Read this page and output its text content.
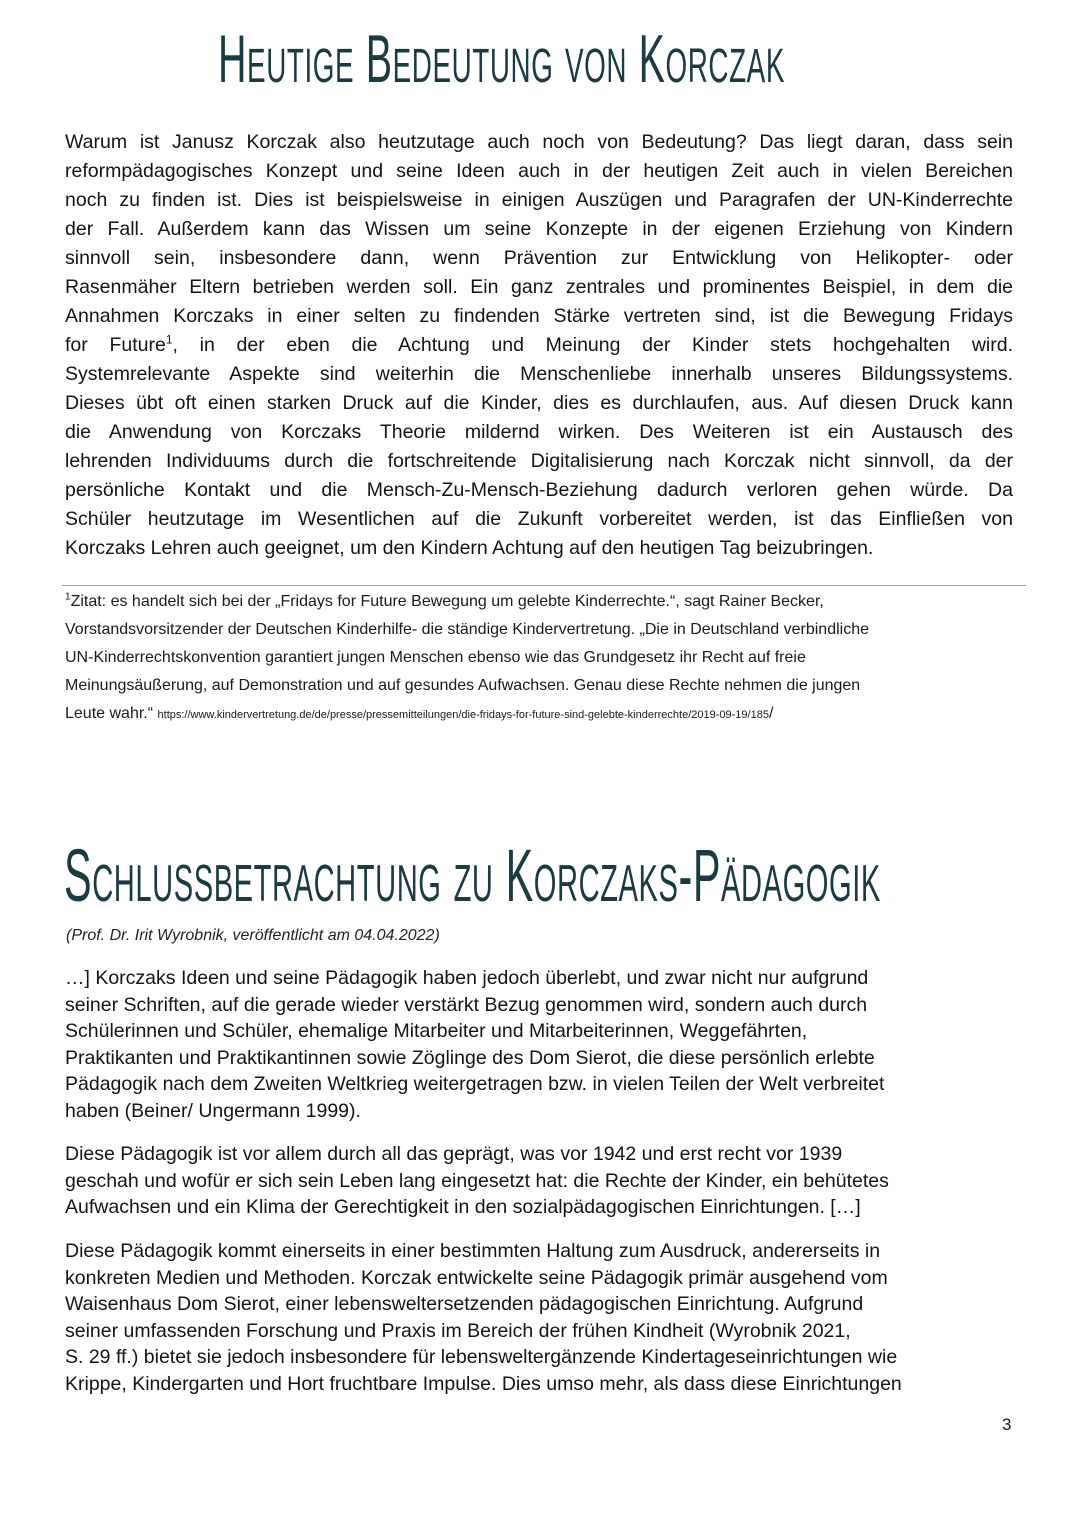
Heutige Bedeutung von Korczak
Warum ist Janusz Korczak also heutzutage auch noch von Bedeutung? Das liegt daran, dass sein
reformpädagogisches Konzept und seine Ideen auch in der heutigen Zeit auch in vielen Bereichen
noch zu finden ist. Dies ist beispielsweise in einigen Auszügen und Paragrafen der UN-Kinderrechte
der Fall. Außerdem kann das Wissen um seine Konzepte in der eigenen Erziehung von Kindern
sinnvoll sein, insbesondere dann, wenn Prävention zur Entwicklung von Helikopter- oder
Rasenmäher Eltern betrieben werden soll. Ein ganz zentrales und prominentes Beispiel, in dem die
Annahmen Korczaks in einer selten zu findenden Stärke vertreten sind, ist die Bewegung Fridays
for Future$^1$, in der eben die Achtung und Meinung der Kinder stets hochgehalten wird.
Systemrelevante Aspekte sind weiterhin die Menschenliebe innerhalb unseres Bildungssystems.
Dieses übt oft einen starken Druck auf die Kinder, dies es durchlaufen, aus. Auf diesen Druck kann
die Anwendung von Korczaks Theorie mildernd wirken. Des Weiteren ist ein Austausch des
lehrenden Individuums durch die fortschreitende Digitalisierung nach Korczak nicht sinnvoll, da der
persönliche Kontakt und die Mensch-Zu-Mensch-Beziehung dadurch verloren gehen würde. Da
Schüler heutzutage im Wesentlichen auf die Zukunft vorbereitet werden, ist das Einfließen von
Korczaks Lehren auch geeignet, um den Kindern Achtung auf den heutigen Tag beizubringen.
$^1$Zitat: es handelt sich bei der „Fridays for Future Bewegung um gelebte Kinderrechte.“, sagt Rainer Becker,
Vorstandsvorsitzender der Deutschen Kinderhilfe- die ständige Kindervertretung. „Die in Deutschland verbindliche
UN-Kinderrechtskonvention garantiert jungen Menschen ebenso wie das Grundgesetz ihr Recht auf freie
Meinungsäußerung, auf Demonstration und auf gesundes Aufwachsen. Genau diese Rechte nehmen die jungen
Leute wahr.“ https://www.kindervertretung.de/de/presse/pressemitteilungen/die-fridays-for-future-sind-gelebte-kinderrechte/2019-09-19/185/
Schlussbetrachtung zu Korczaks-Pädagogik
(Prof. Dr. Irit Wyrobnik, veröffentlicht am 04.04.2022)
…] Korczaks Ideen und seine Pädagogik haben jedoch überlebt, und zwar nicht nur aufgrund
seiner Schriften, auf die gerade wieder verstärkt Bezug genommen wird, sondern auch durch
Schülerinnen und Schüler, ehemalige Mitarbeiter und Mitarbeiterinnen, Weggefährten,
Praktikanten und Praktikantinnen sowie Zöglinge des Dom Sierot, die diese persönlich erlebte
Pädagogik nach dem Zweiten Weltkrieg weitergetragen bzw. in vielen Teilen der Welt verbreitet
haben (Beiner/ Ungermann 1999).
Diese Pädagogik ist vor allem durch all das geprägt, was vor 1942 und erst recht vor 1939
geschah und wofür er sich sein Leben lang eingesetzt hat: die Rechte der Kinder, ein behütetes
Aufwachsen und ein Klima der Gerechtigkeit in den sozialpädagogischen Einrichtungen. […]
Diese Pädagogik kommt einerseits in einer bestimmten Haltung zum Ausdruck, andererseits in
konkreten Medien und Methoden. Korczak entwickelte seine Pädagogik primär ausgehend vom
Waisenhaus Dom Sierot, einer lebensweltersetzenden pädagogischen Einrichtung. Aufgrund
seiner umfassenden Forschung und Praxis im Bereich der frühen Kindheit (Wyrobnik 2021,
S. 29 ff.) bietet sie jedoch insbesondere für lebensweltergänzende Kindertageseinrichtungen wie
Krippe, Kindergarten und Hort fruchtbare Impulse. Dies umso mehr, als dass diese Einrichtungen
3
